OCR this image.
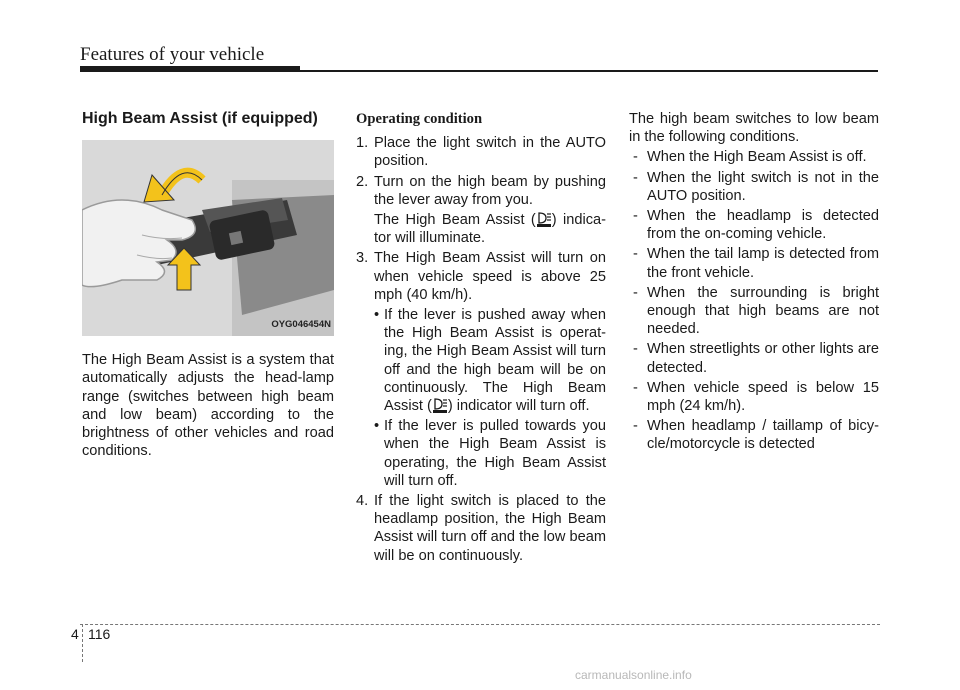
Features of your vehicle
High Beam Assist (if equipped)
OYG046454N

The High Beam Assist is a system that automatically adjusts the head-lamp range (switches between high beam and low beam) according to the brightness of other vehicles and road conditions.

Operating condition

1. Place the light switch in the AUTO position.
2. Turn on the high beam by pushing the lever away from you.

The High Beam Assist ( ) indica-tor will illuminate.

3. The High Beam Assist will turn on when vehicle speed is above 25 mph (40 km/h).
• If the lever is pushed away when the High Beam Assist is operat-ing, the High Beam Assist will turn off and the high beam will be on continuously. The High Beam Assist ( ) indicator will turn off.
• If the lever is pulled towards you when the High Beam Assist is operating, the High Beam Assist will turn off.
4. If the light switch is placed to the headlamp position, the High Beam Assist will turn off and the low beam will be on continuously.

The high beam switches to low beam in the following conditions.

- When the High Beam Assist is off.
- When the light switch is not in the AUTO position.
- When the headlamp is detected from the on-coming vehicle.
- When the tail lamp is detected from the front vehicle.
- When the surrounding is bright enough that high beams are not needed.
- When streetlights or other lights are detected.
- When vehicle speed is below 15 mph (24 km/h).
- When headlamp / taillamp of bicy-cle/motorcycle is detected
4 116
carmanualsonline.info
